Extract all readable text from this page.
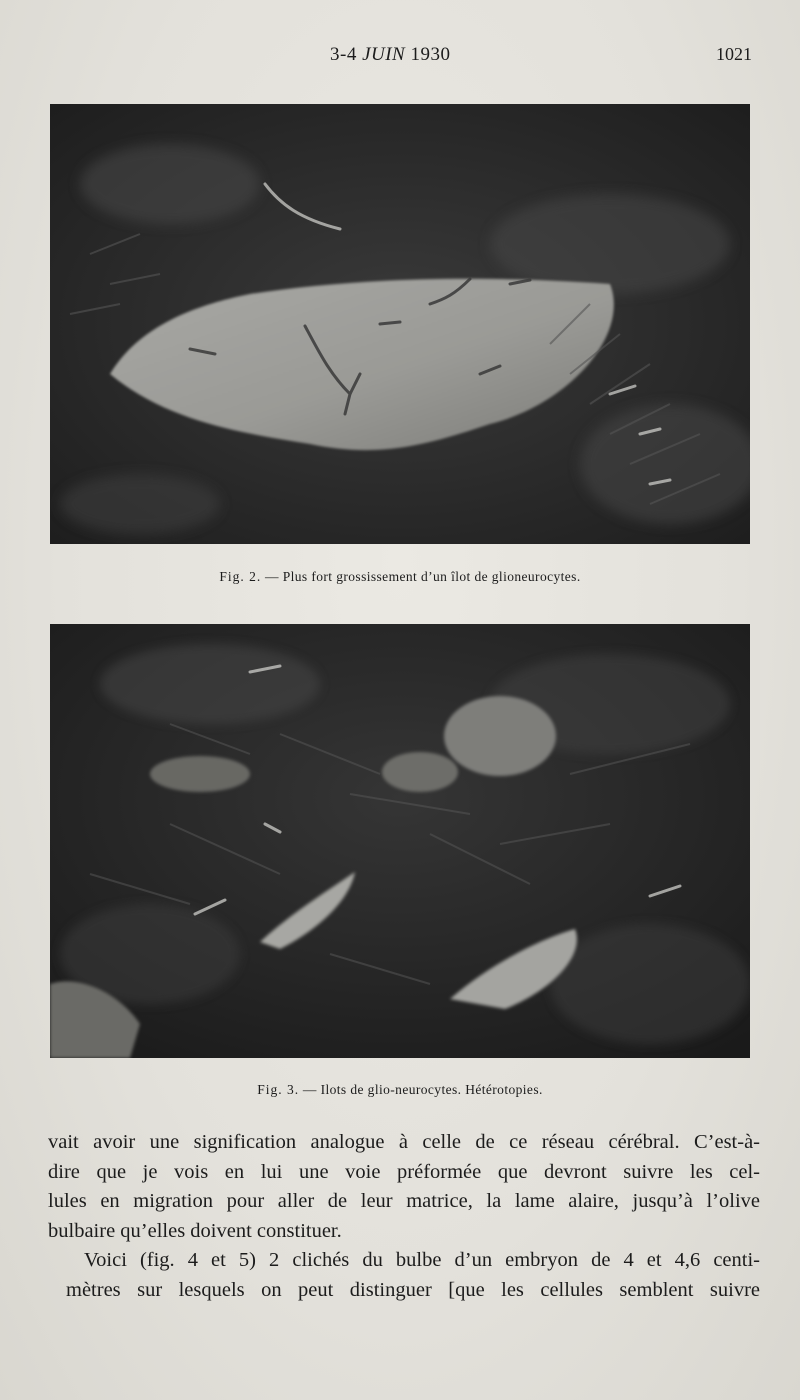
3-4 JUIN 1930	1021
Fig. 2. — Plus fort grossissement d’un îlot de glioneurocytes.
Fig. 3. — Ilots de glio-neurocytes. Hétérotopies.

vait avoir une signification analogue à celle de ce réseau cérébral. C’est-à-
dire que je vois en lui une voie préformée que devront suivre les cel-
lules en migration pour aller de leur matrice, la lame alaire, jusqu’à l’olive
bulbaire qu’elles doivent constituer.

Voici (fig. 4 et 5) 2 clichés du bulbe d’un embryon de 4 et 4,6 centi-
mètres sur lesquels on peut distinguer [que les cellules semblent suivre
